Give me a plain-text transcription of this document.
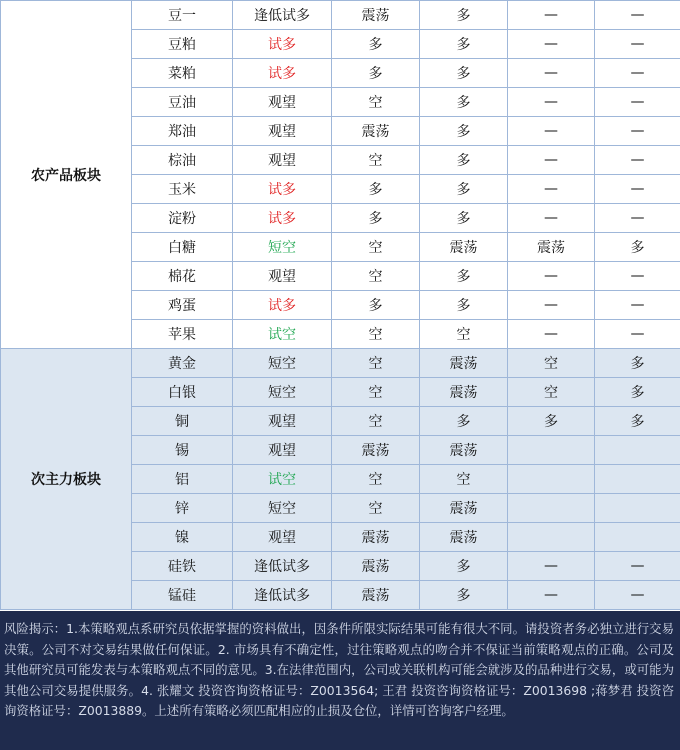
农产品板块	豆一	逢低试多	震荡	多	—	—
	豆粕	试多	多	多	—	—
	菜粕	试多	多	多	—	—
	豆油	观望	空	多	—	—
	郑油	观望	震荡	多	—	—
	棕油	观望	空	多	—	—
	玉米	试多	多	多	—	—
	淀粉	试多	多	多	—	—
	白糖	短空	空	震荡	震荡	多
	棉花	观望	空	多	—	—
	鸡蛋	试多	多	多	—	—
	苹果	试空	空	空	—	—
次主力板块	黄金	短空	空	震荡	空	多
	白银	短空	空	震荡	空	多
	铜	观望	空	多	多	多
	锡	观望	震荡	震荡		
	铝	试空	空	空		
	锌	短空	空	震荡		
	镍	观望	震荡	震荡		
	硅铁	逢低试多	震荡	多	—	—
	锰硅	逢低试多	震荡	多	—	—
风险揭示：1.本策略观点系研究员依据掌握的资料做出，因条件所限实际结果可能有很大不同。请投资者务必独立进行交易决策。公司不对交易结果做任何保证。2. 市场具有不确定性，过往策略观点的吻合并不保证当前策略观点的正确。公司及其他研究员可能发表与本策略观点不同的意见。3.在法律范围内，公司或关联机构可能会就涉及的品种进行交易，或可能为其他公司交易提供服务。4. 张耀文 投资咨询资格证号：Z0013564; 王君 投资咨询资格证号：Z0013698 ;蒋梦君 投资咨询资格证号：Z0013889。上述所有策略必须匹配相应的止损及仓位，详情可咨询客户经理。
